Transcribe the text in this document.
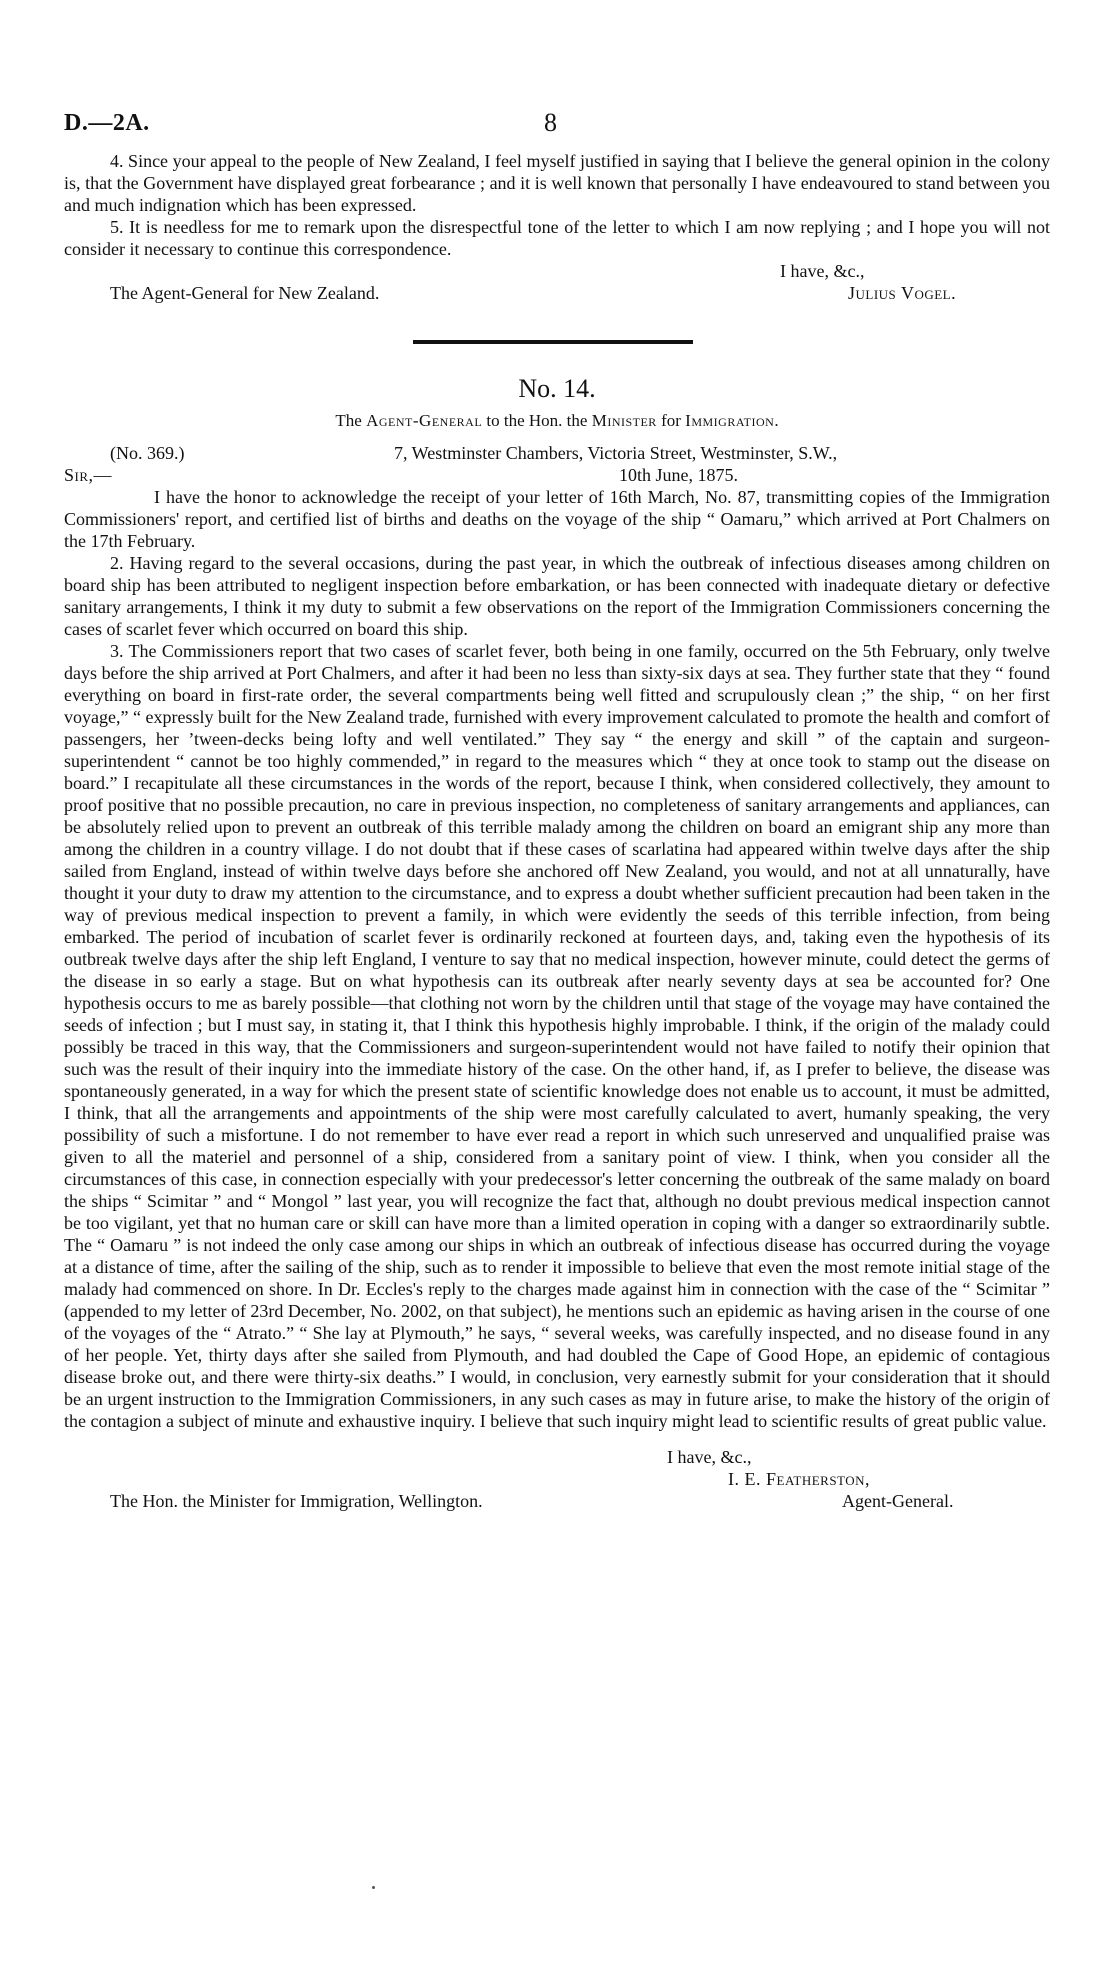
D.—2A.	8

4. Since your appeal to the people of New Zealand, I feel myself justified in saying that I believe the general opinion in the colony is, that the Government have displayed great forbearance ; and it is well known that personally I have endeavoured to stand between you and much indignation which has been expressed.

5. It is needless for me to remark upon the disrespectful tone of the letter to which I am now replying ; and I hope you will not consider it necessary to continue this correspondence.

I have, &c.,
The Agent-General for New Zealand.	Julius Vogel.
No. 14.
The Agent-General to the Hon. the Minister for Immigration.
(No. 369.)	7, Westminster Chambers, Victoria Street, Westminster, S.W.,
Sir,—	10th June, 1875.

I have the honor to acknowledge the receipt of your letter of 16th March, No. 87, transmitting copies of the Immigration Commissioners' report, and certified list of births and deaths on the voyage of the ship “ Oamaru,” which arrived at Port Chalmers on the 17th February.

2. Having regard to the several occasions, during the past year, in which the outbreak of infectious diseases among children on board ship has been attributed to negligent inspection before embarkation, or has been connected with inadequate dietary or defective sanitary arrangements, I think it my duty to submit a few observations on the report of the Immigration Commissioners concerning the cases of scarlet fever which occurred on board this ship.

3. The Commissioners report that two cases of scarlet fever, both being in one family, occurred on the 5th February, only twelve days before the ship arrived at Port Chalmers, and after it had been no less than sixty-six days at sea. They further state that they “ found everything on board in first-rate order, the several compartments being well fitted and scrupulously clean ;” the ship, “ on her first voyage,” “ expressly built for the New Zealand trade, furnished with every improvement calculated to promote the health and comfort of passengers, her ’tween-decks being lofty and well ventilated.” They say “ the energy and skill ” of the captain and surgeon-superintendent “ cannot be too highly commended,” in regard to the measures which “ they at once took to stamp out the disease on board.” I recapitulate all these circumstances in the words of the report, because I think, when considered collectively, they amount to proof positive that no possible precaution, no care in previous inspection, no completeness of sanitary arrangements and appliances, can be absolutely relied upon to prevent an outbreak of this terrible malady among the children on board an emigrant ship any more than among the children in a country village. I do not doubt that if these cases of scarlatina had appeared within twelve days after the ship sailed from England, instead of within twelve days before she anchored off New Zealand, you would, and not at all unnaturally, have thought it your duty to draw my attention to the circumstance, and to express a doubt whether sufficient precaution had been taken in the way of previous medical inspection to prevent a family, in which were evidently the seeds of this terrible infection, from being embarked. The period of incubation of scarlet fever is ordinarily reckoned at fourteen days, and, taking even the hypothesis of its outbreak twelve days after the ship left England, I venture to say that no medical inspection, however minute, could detect the germs of the disease in so early a stage. But on what hypothesis can its outbreak after nearly seventy days at sea be accounted for? One hypothesis occurs to me as barely possible—that clothing not worn by the children until that stage of the voyage may have contained the seeds of infection ; but I must say, in stating it, that I think this hypothesis highly improbable. I think, if the origin of the malady could possibly be traced in this way, that the Commissioners and surgeon-superintendent would not have failed to notify their opinion that such was the result of their inquiry into the immediate history of the case. On the other hand, if, as I prefer to believe, the disease was spontaneously generated, in a way for which the present state of scientific knowledge does not enable us to account, it must be admitted, I think, that all the arrangements and appointments of the ship were most carefully calculated to avert, humanly speaking, the very possibility of such a misfortune. I do not remember to have ever read a report in which such unreserved and unqualified praise was given to all the materiel and personnel of a ship, considered from a sanitary point of view. I think, when you consider all the circumstances of this case, in connection especially with your predecessor's letter concerning the outbreak of the same malady on board the ships “ Scimitar ” and “ Mongol ” last year, you will recognize the fact that, although no doubt previous medical inspection cannot be too vigilant, yet that no human care or skill can have more than a limited operation in coping with a danger so extraordinarily subtle. The “ Oamaru ” is not indeed the only case among our ships in which an outbreak of infectious disease has occurred during the voyage at a distance of time, after the sailing of the ship, such as to render it impossible to believe that even the most remote initial stage of the malady had commenced on shore. In Dr. Eccles's reply to the charges made against him in connection with the case of the “ Scimitar ” (appended to my letter of 23rd December, No. 2002, on that subject), he mentions such an epidemic as having arisen in the course of one of the voyages of the “ Atrato.” “ She lay at Plymouth,” he says, “ several weeks, was carefully inspected, and no disease found in any of her people. Yet, thirty days after she sailed from Plymouth, and had doubled the Cape of Good Hope, an epidemic of contagious disease broke out, and there were thirty-six deaths.” I would, in conclusion, very earnestly submit for your consideration that it should be an urgent instruction to the Immigration Commissioners, in any such cases as may in future arise, to make the history of the origin of the contagion a subject of minute and exhaustive inquiry. I believe that such inquiry might lead to scientific results of great public value.

I have, &c.,
I. E. Featherston,
The Hon. the Minister for Immigration, Wellington.	Agent-General.
